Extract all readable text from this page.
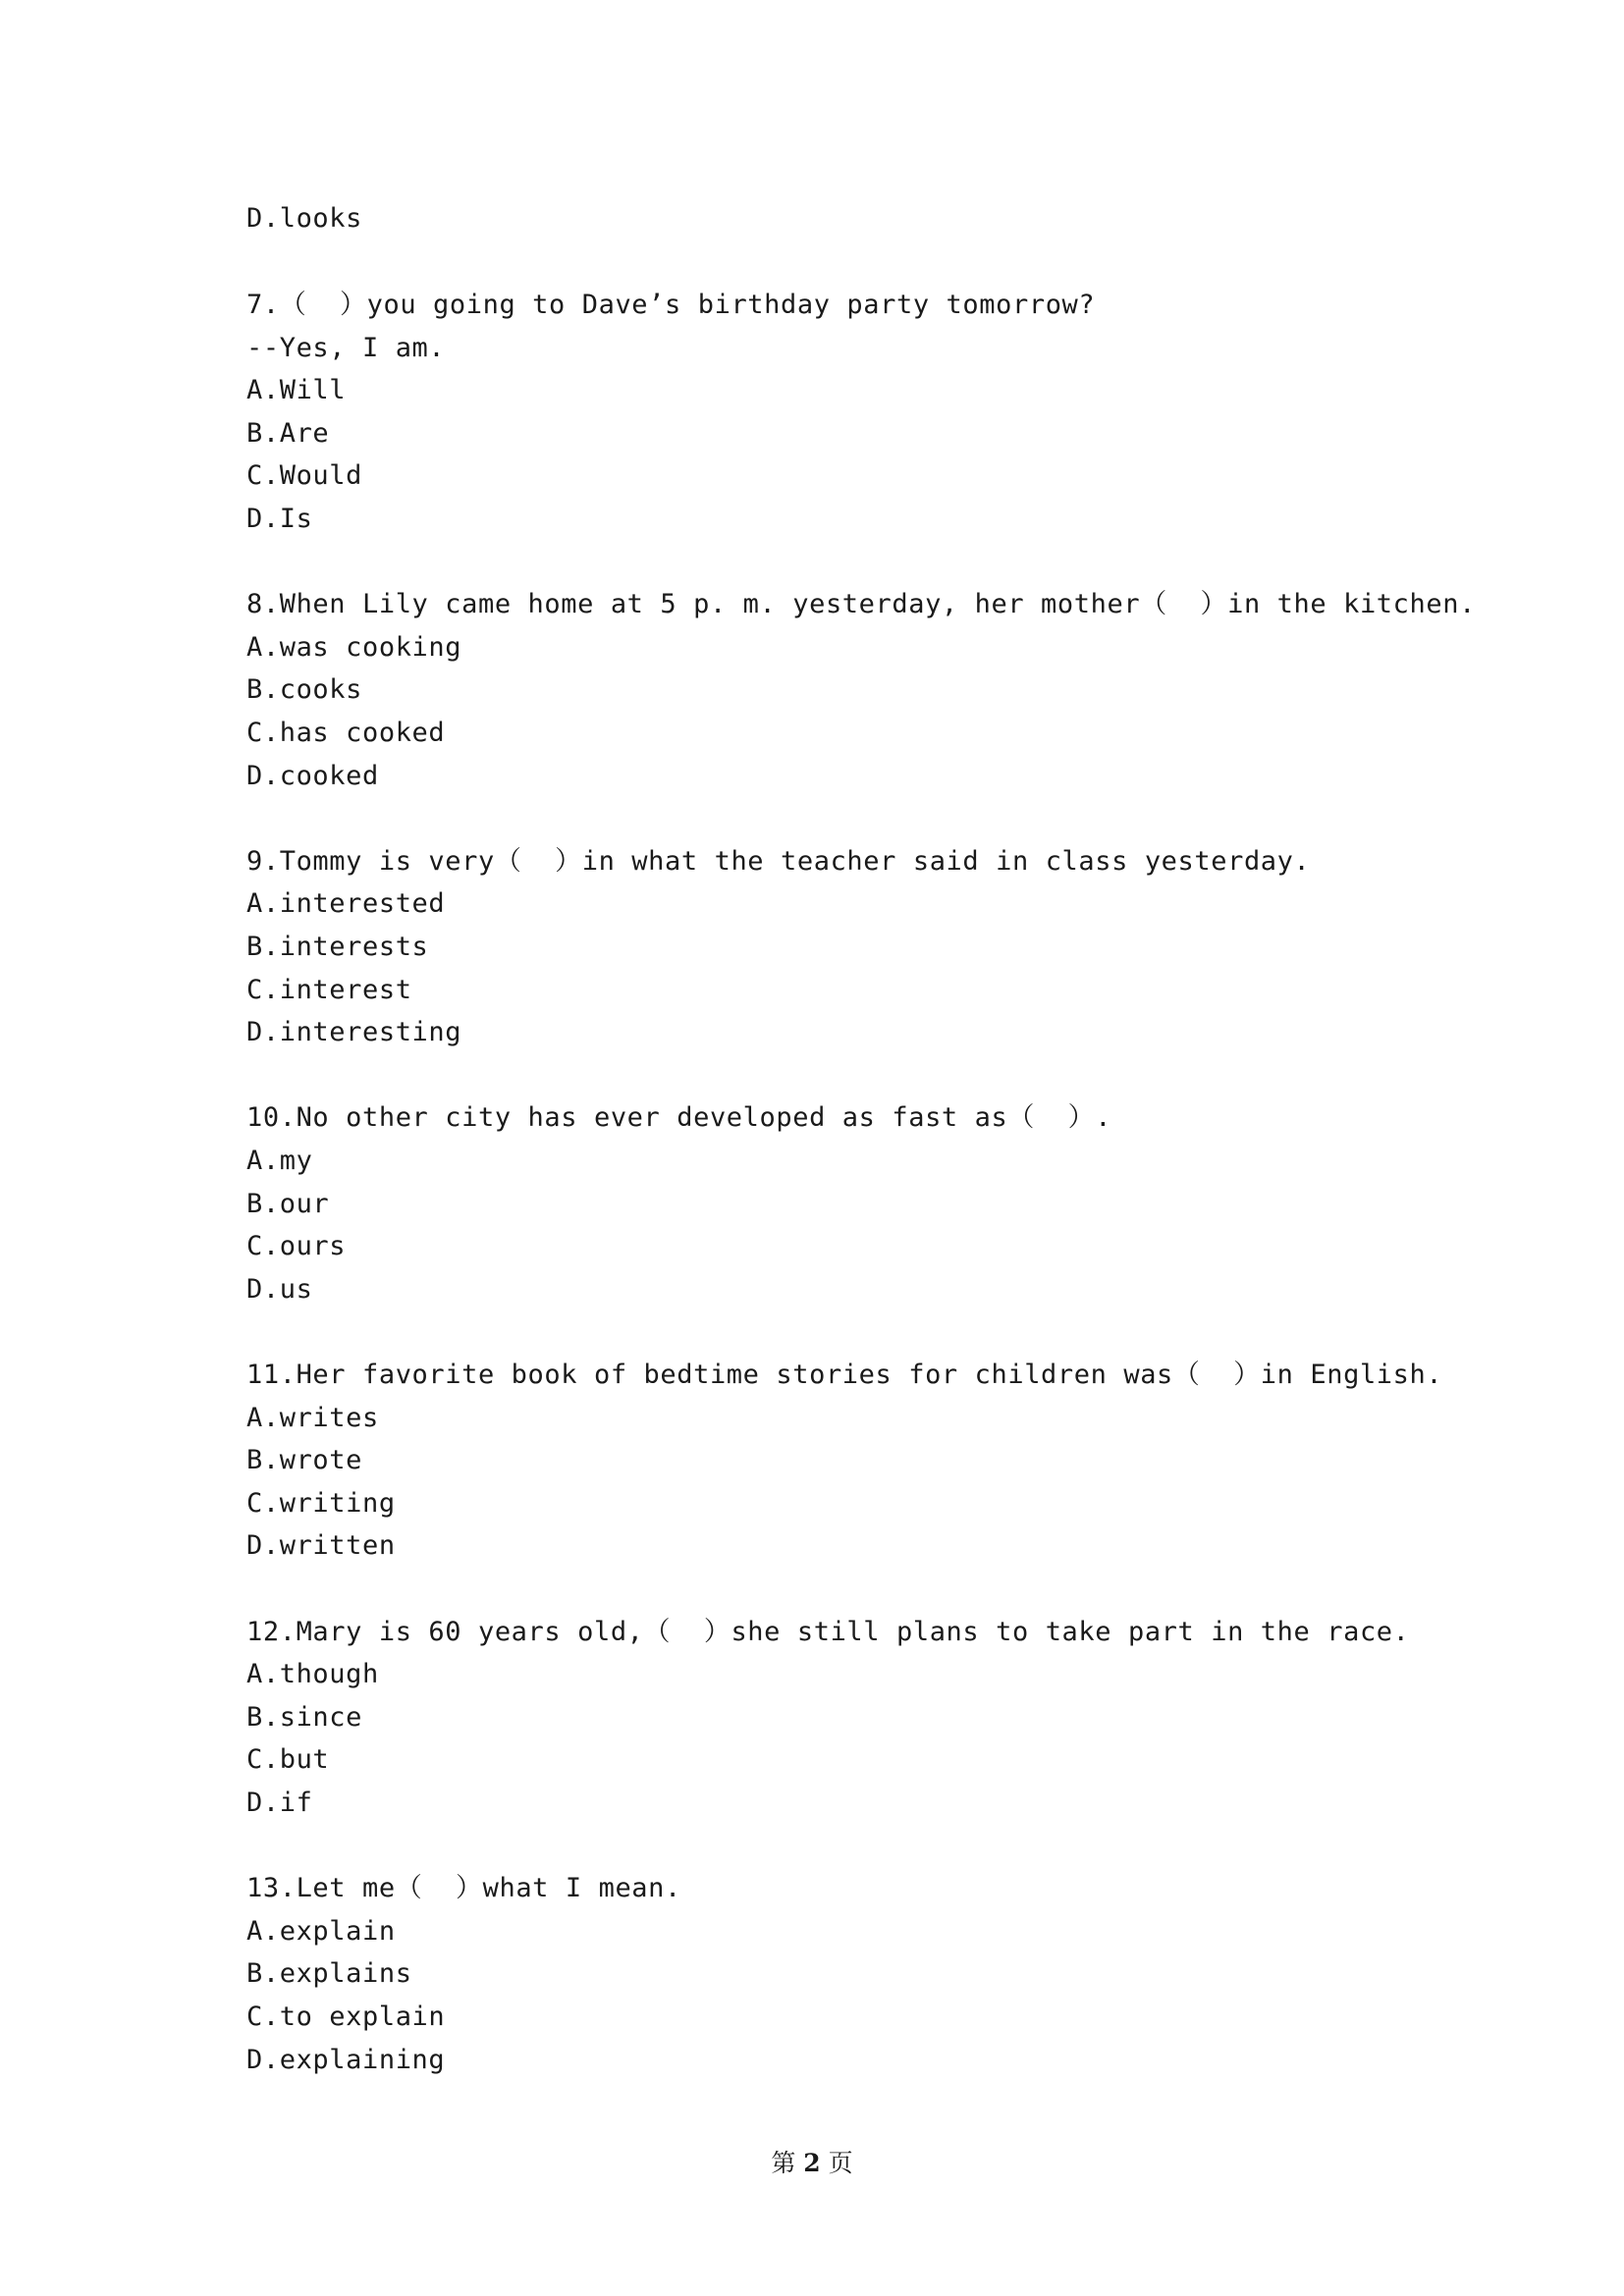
D.looks
7.（  ）you going to Dave’s birthday party tomorrow?
--Yes, I am.
A.Will
B.Are
C.Would
D.Is
8.When Lily came home at 5 p. m. yesterday, her mother（  ）in the kitchen.
A.was cooking
B.cooks
C.has cooked
D.cooked
9.Tommy is very（  ）in what the teacher said in class yesterday.
A.interested
B.interests
C.interest
D.interesting
10.No other city has ever developed as fast as（  ）.
A.my
B.our
C.ours
D.us
11.Her favorite book of bedtime stories for children was（  ）in English.
A.writes
B.wrote
C.writing
D.written
12.Mary is 60 years old,（  ）she still plans to take part in the race.
A.though
B.since
C.but
D.if
13.Let me（  ）what I mean.
A.explain
B.explains
C.to explain
D.explaining
第 2 页
